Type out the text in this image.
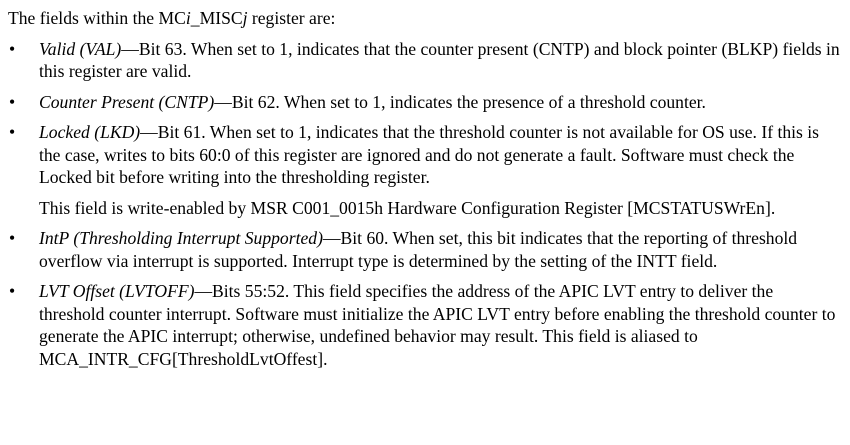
The fields within the MCi_MISCj register are:

•	Valid (VAL)—Bit 63. When set to 1, indicates that the counter present (CNTP) and block pointer (BLKP) fields in this register are valid.
•	Counter Present (CNTP)—Bit 62. When set to 1, indicates the presence of a threshold counter.
•	Locked (LKD)—Bit 61. When set to 1, indicates that the threshold counter is not available for OS use. If this is the case, writes to bits 60:0 of this register are ignored and do not generate a fault. Software must check the Locked bit before writing into the thresholding register.
This field is write-enabled by MSR C001_0015h Hardware Configuration Register [MCSTATUSWrEn].
•	IntP (Thresholding Interrupt Supported)—Bit 60. When set, this bit indicates that the reporting of threshold overflow via interrupt is supported. Interrupt type is determined by the setting of the INTT field.
•	LVT Offset (LVTOFF)—Bits 55:52. This field specifies the address of the APIC LVT entry to deliver the threshold counter interrupt. Software must initialize the APIC LVT entry before enabling the threshold counter to generate the APIC interrupt; otherwise, undefined behavior may result. This field is aliased to MCA_INTR_CFG[ThresholdLvtOffest].
